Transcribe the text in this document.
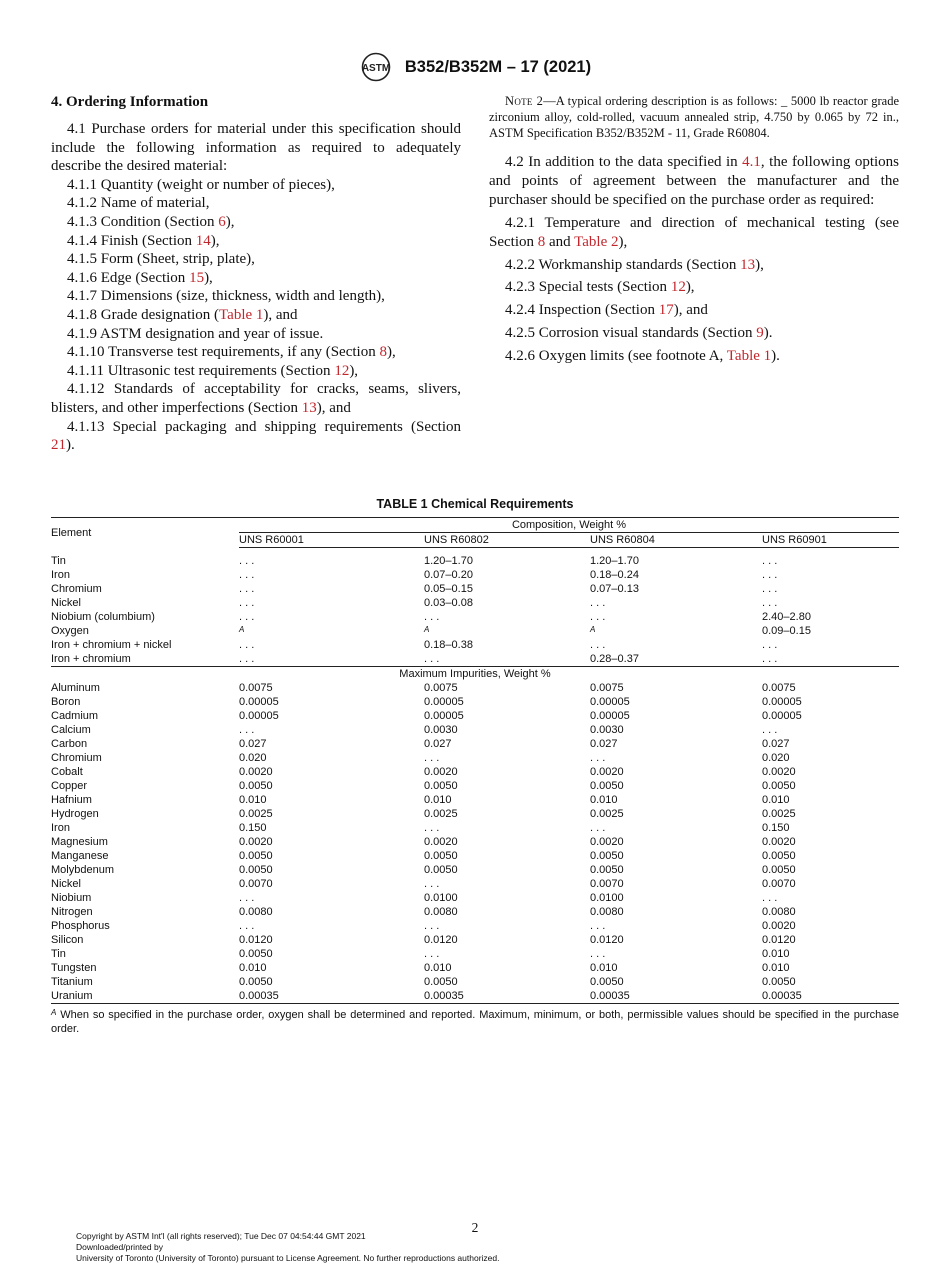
ASTM B352/B352M – 17 (2021)
4. Ordering Information

4.1 Purchase orders for material under this specification should include the following information as required to adequately describe the desired material:

4.1.1 Quantity (weight or number of pieces),

4.1.2 Name of material,

4.1.3 Condition (Section 6),

4.1.4 Finish (Section 14),

4.1.5 Form (Sheet, strip, plate),

4.1.6 Edge (Section 15),

4.1.7 Dimensions (size, thickness, width and length),

4.1.8 Grade designation (Table 1), and

4.1.9 ASTM designation and year of issue.

4.1.10 Transverse test requirements, if any (Section 8),

4.1.11 Ultrasonic test requirements (Section 12),

4.1.12 Standards of acceptability for cracks, seams, slivers, blisters, and other imperfections (Section 13), and

4.1.13 Special packaging and shipping requirements (Section 21).

Note 2—A typical ordering description is as follows: _ 5000 lb reactor grade zirconium alloy, cold-rolled, vacuum annealed strip, 4.750 by 0.065 by 72 in., ASTM Specification B352/B352M - 11, Grade R60804.

4.2 In addition to the data specified in 4.1, the following options and points of agreement between the manufacturer and the purchaser should be specified on the purchase order as required:

4.2.1 Temperature and direction of mechanical testing (see Section 8 and Table 2),

4.2.2 Workmanship standards (Section 13),

4.2.3 Special tests (Section 12),

4.2.4 Inspection (Section 17), and

4.2.5 Corrosion visual standards (Section 9).

4.2.6 Oxygen limits (see footnote A, Table 1).

TABLE 1 Chemical Requirements
Element	Composition, Weight %			
	UNS R60001	UNS R60802	UNS R60804	UNS R60901
Tin	. . .	1.20–1.70	1.20–1.70	. . .
Iron	. . .	0.07–0.20	0.18–0.24	. . .
Chromium	. . .	0.05–0.15	0.07–0.13	. . .
Nickel	. . .	0.03–0.08	. . .	. . .
Niobium (columbium)	. . .	. . .	. . .	2.40–2.80
Oxygen	A	A	A	0.09–0.15
Iron + chromium + nickel	. . .	0.18–0.38	. . .	. . .
Iron + chromium	. . .	. . .	0.28–0.37	. . .
Maximum Impurities, Weight %				
Aluminum	0.0075	0.0075	0.0075	0.0075
Boron	0.00005	0.00005	0.00005	0.00005
Cadmium	0.00005	0.00005	0.00005	0.00005
Calcium	. . .	0.0030	0.0030	. . .
Carbon	0.027	0.027	0.027	0.027
Chromium	0.020	. . .	. . .	0.020
Cobalt	0.0020	0.0020	0.0020	0.0020
Copper	0.0050	0.0050	0.0050	0.0050
Hafnium	0.010	0.010	0.010	0.010
Hydrogen	0.0025	0.0025	0.0025	0.0025
Iron	0.150	. . .	. . .	0.150
Magnesium	0.0020	0.0020	0.0020	0.0020
Manganese	0.0050	0.0050	0.0050	0.0050
Molybdenum	0.0050	0.0050	0.0050	0.0050
Nickel	0.0070	. . .	0.0070	0.0070
Niobium	. . .	0.0100	0.0100	. . .
Nitrogen	0.0080	0.0080	0.0080	0.0080
Phosphorus	. . .	. . .	. . .	0.0020
Silicon	0.0120	0.0120	0.0120	0.0120
Tin	0.0050	. . .	. . .	0.010
Tungsten	0.010	0.010	0.010	0.010
Titanium	0.0050	0.0050	0.0050	0.0050
Uranium	0.00035	0.00035	0.00035	0.00035
$^A$ When so specified in the purchase order, oxygen shall be determined and reported. Maximum, minimum, or both, permissible values should be specified in the purchase order.
2
Copyright by ASTM Int'l (all rights reserved); Tue Dec 07 04:54:44 GMT 2021
Downloaded/printed by
University of Toronto (University of Toronto) pursuant to License Agreement. No further reproductions authorized.
